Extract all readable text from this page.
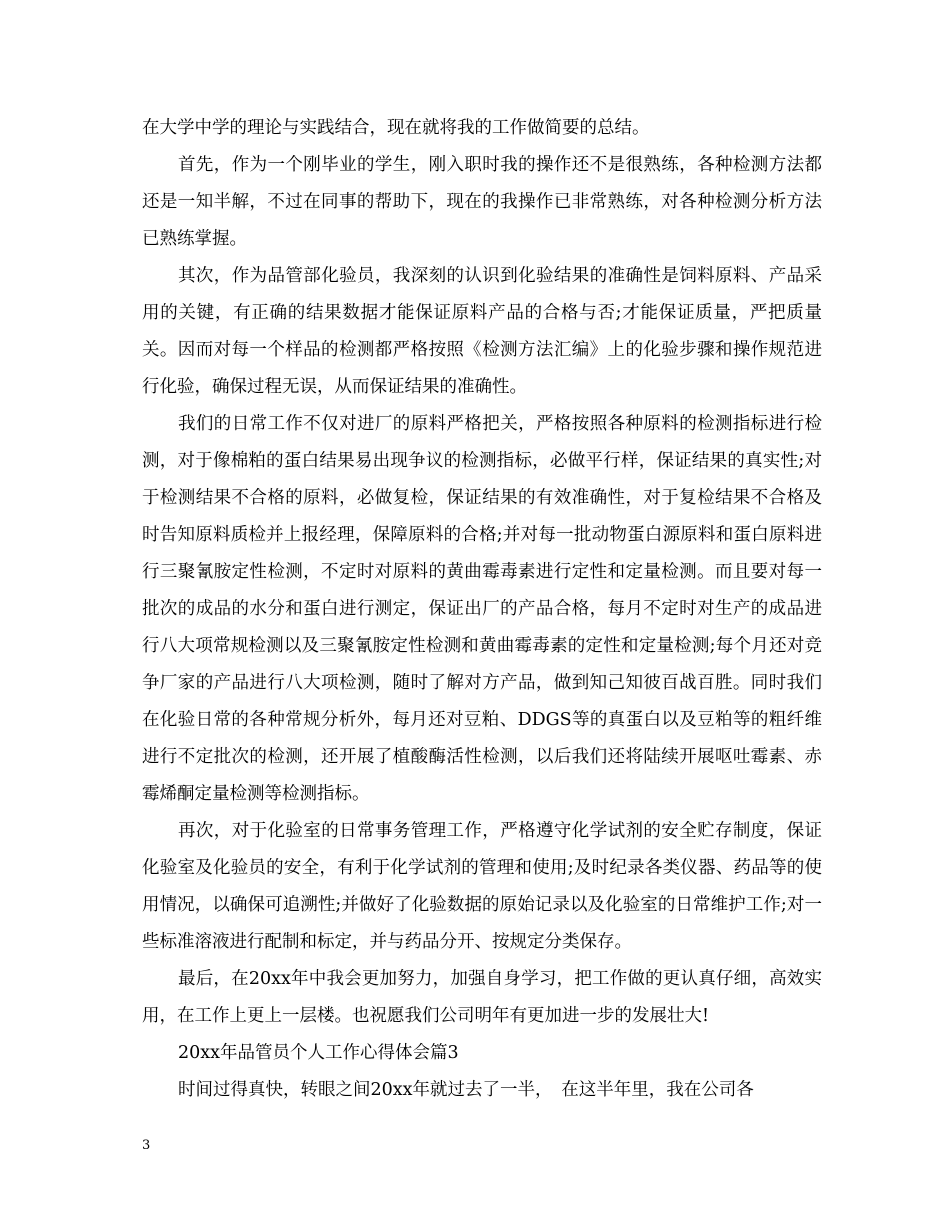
在大学中学的理论与实践结合，现在就将我的工作做简要的总结。

首先，作为一个刚毕业的学生，刚入职时我的操作还不是很熟练，各种检测方法都还是一知半解，不过在同事的帮助下，现在的我操作已非常熟练，对各种检测分析方法已熟练掌握。

其次，作为品管部化验员，我深刻的认识到化验结果的准确性是饲料原料、产品采用的关键，有正确的结果数据才能保证原料产品的合格与否;才能保证质量，严把质量关。因而对每一个样品的检测都严格按照《检测方法汇编》上的化验步骤和操作规范进行化验，确保过程无误，从而保证结果的准确性。

我们的日常工作不仅对进厂的原料严格把关，严格按照各种原料的检测指标进行检测，对于像棉粕的蛋白结果易出现争议的检测指标，必做平行样，保证结果的真实性;对于检测结果不合格的原料，必做复检，保证结果的有效准确性，对于复检结果不合格及时告知原料质检并上报经理，保障原料的合格;并对每一批动物蛋白源原料和蛋白原料进行三聚氰胺定性检测，不定时对原料的黄曲霉毒素进行定性和定量检测。而且要对每一批次的成品的水分和蛋白进行测定，保证出厂的产品合格，每月不定时对生产的成品进行八大项常规检测以及三聚氰胺定性检测和黄曲霉毒素的定性和定量检测;每个月还对竞争厂家的产品进行八大项检测，随时了解对方产品，做到知己知彼百战百胜。同时我们在化验日常的各种常规分析外，每月还对豆粕、DDGS等的真蛋白以及豆粕等的粗纤维进行不定批次的检测，还开展了植酸酶活性检测，以后我们还将陆续开展呕吐霉素、赤霉烯酮定量检测等检测指标。

再次，对于化验室的日常事务管理工作，严格遵守化学试剂的安全贮存制度，保证化验室及化验员的安全，有利于化学试剂的管理和使用;及时纪录各类仪器、药品等的使用情况，以确保可追溯性;并做好了化验数据的原始记录以及化验室的日常维护工作;对一些标准溶液进行配制和标定，并与药品分开、按规定分类保存。

最后，在20xx年中我会更加努力，加强自身学习，把工作做的更认真仔细，高效实用，在工作上更上一层楼。也祝愿我们公司明年有更加进一步的发展壮大!

20xx年品管员个人工作心得体会篇3

时间过得真快，转眼之间20xx年就过去了一半，　在这半年里，我在公司各

3
